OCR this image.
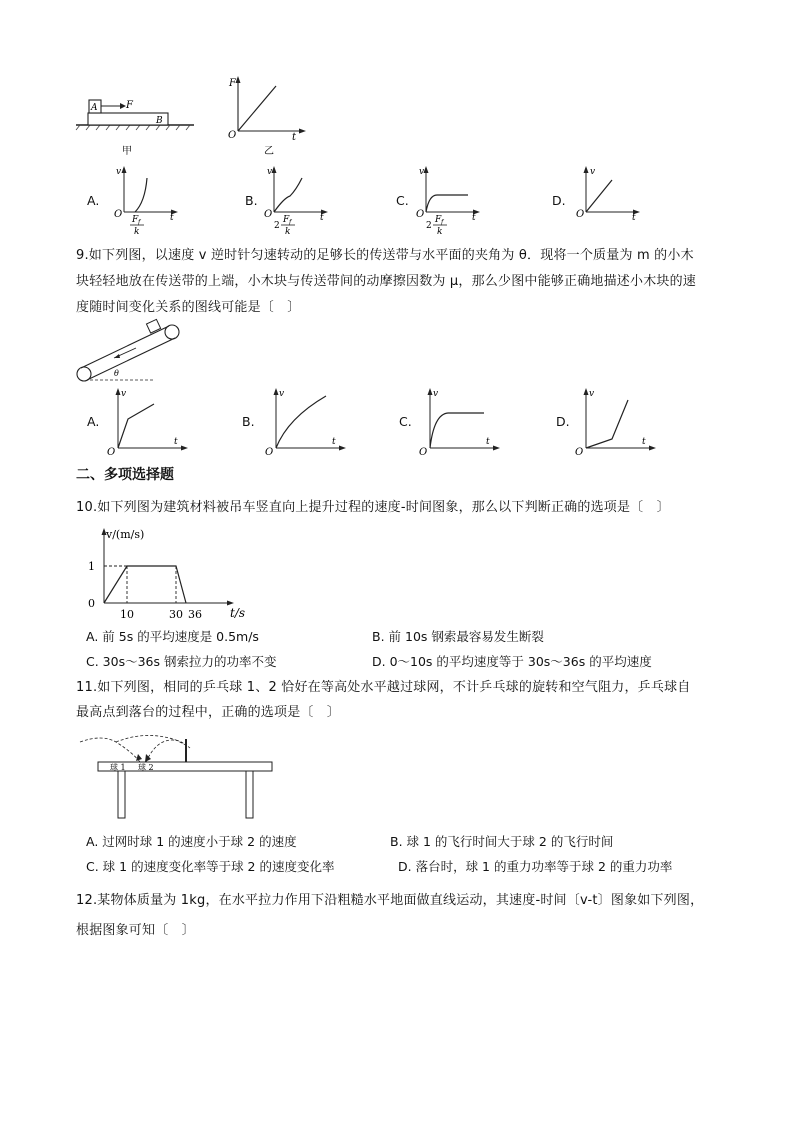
A	F
B
甲
F
O	t
乙
A.
v
O	t
F f
k
B.
v
O	t
2
F f
k
C.
v
O	t
2
F f
k
D.
v
O	t
9.如下列图，以速度 v 逆时针匀速转动的足够长的传送带与水平面的夹角为 θ．现将一个质量为 m 的小木
块轻轻地放在传送带的上端，小木块与传送带间的动摩擦因数为 μ，那么少图中能够正确地描述小木块的速
度随时间变化关系的图线可能是〔　〕
θ
A.
v
O
t
B.
v
O
t
C.
v
O
t
D.
v
O
t
二、多项选择题
10.如下列图为建筑材料被吊车竖直向上提升过程的速度-时间图象，那么以下判断正确的选项是〔　〕
v/(m/s)
1
0
10	30 36 t/s
A. 前 5s 的平均速度是 0.5m/s	B. 前 10s 钢索最容易发生断裂
C. 30s～36s 钢索拉力的功率不变	D. 0～10s 的平均速度等于 30s～36s 的平均速度
11.如下列图，相同的乒乓球 1、2 恰好在等高处水平越过球网，不计乒乓球的旋转和空气阻力，乒乓球自
最高点到落台的过程中，正确的选项是〔　〕
球 1 球 2
A. 过网时球 1 的速度小于球 2 的速度	B. 球 1 的飞行时间大于球 2 的飞行时间
C. 球 1 的速度变化率等于球 2 的速度变化率	D. 落台时，球 1 的重力功率等于球 2 的重力功率
12.某物体质量为 1kg，在水平拉力作用下沿粗糙水平地面做直线运动，其速度-时间〔v-t〕图象如下列图，
根据图象可知〔　〕
